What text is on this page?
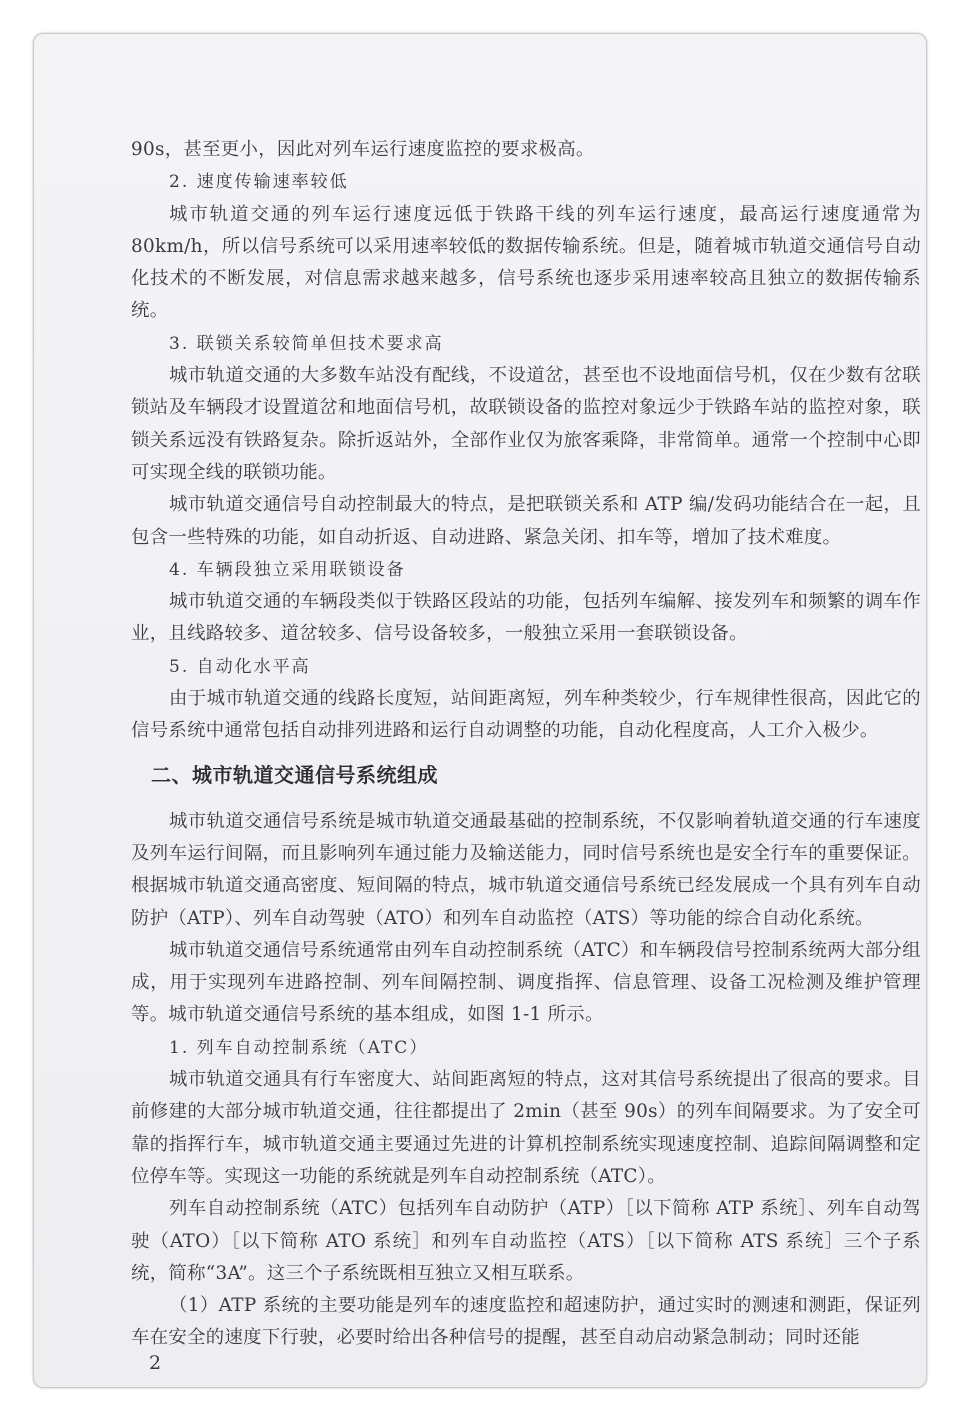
90s，甚至更小，因此对列车运行速度监控的要求极高。

2. 速度传输速率较低

城市轨道交通的列车运行速度远低于铁路干线的列车运行速度，最高运行速度通常为80km/h，所以信号系统可以采用速率较低的数据传输系统。但是，随着城市轨道交通信号自动化技术的不断发展，对信息需求越来越多，信号系统也逐步采用速率较高且独立的数据传输系统。

3. 联锁关系较简单但技术要求高

城市轨道交通的大多数车站没有配线，不设道岔，甚至也不设地面信号机，仅在少数有岔联锁站及车辆段才设置道岔和地面信号机，故联锁设备的监控对象远少于铁路车站的监控对象，联锁关系远没有铁路复杂。除折返站外，全部作业仅为旅客乘降，非常简单。通常一个控制中心即可实现全线的联锁功能。

城市轨道交通信号自动控制最大的特点，是把联锁关系和 ATP 编/发码功能结合在一起，且包含一些特殊的功能，如自动折返、自动进路、紧急关闭、扣车等，增加了技术难度。

4. 车辆段独立采用联锁设备

城市轨道交通的车辆段类似于铁路区段站的功能，包括列车编解、接发列车和频繁的调车作业，且线路较多、道岔较多、信号设备较多，一般独立采用一套联锁设备。

5. 自动化水平高

由于城市轨道交通的线路长度短，站间距离短，列车种类较少，行车规律性很高，因此它的信号系统中通常包括自动排列进路和运行自动调整的功能，自动化程度高，人工介入极少。

二、城市轨道交通信号系统组成

城市轨道交通信号系统是城市轨道交通最基础的控制系统，不仅影响着轨道交通的行车速度及列车运行间隔，而且影响列车通过能力及输送能力，同时信号系统也是安全行车的重要保证。根据城市轨道交通高密度、短间隔的特点，城市轨道交通信号系统已经发展成一个具有列车自动防护（ATP）、列车自动驾驶（ATO）和列车自动监控（ATS）等功能的综合自动化系统。

城市轨道交通信号系统通常由列车自动控制系统（ATC）和车辆段信号控制系统两大部分组成，用于实现列车进路控制、列车间隔控制、调度指挥、信息管理、设备工况检测及维护管理等。城市轨道交通信号系统的基本组成，如图 1-1 所示。

1. 列车自动控制系统（ATC）

城市轨道交通具有行车密度大、站间距离短的特点，这对其信号系统提出了很高的要求。目前修建的大部分城市轨道交通，往往都提出了 2min（甚至 90s）的列车间隔要求。为了安全可靠的指挥行车，城市轨道交通主要通过先进的计算机控制系统实现速度控制、追踪间隔调整和定位停车等。实现这一功能的系统就是列车自动控制系统（ATC）。

列车自动控制系统（ATC）包括列车自动防护（ATP）［以下简称 ATP 系统］、列车自动驾驶（ATO）［以下简称 ATO 系统］和列车自动监控（ATS）［以下简称 ATS 系统］三个子系统，简称“3A”。这三个子系统既相互独立又相互联系。

（1）ATP 系统的主要功能是列车的速度监控和超速防护，通过实时的测速和测距，保证列车在安全的速度下行驶，必要时给出各种信号的提醒，甚至自动启动紧急制动；同时还能

2
